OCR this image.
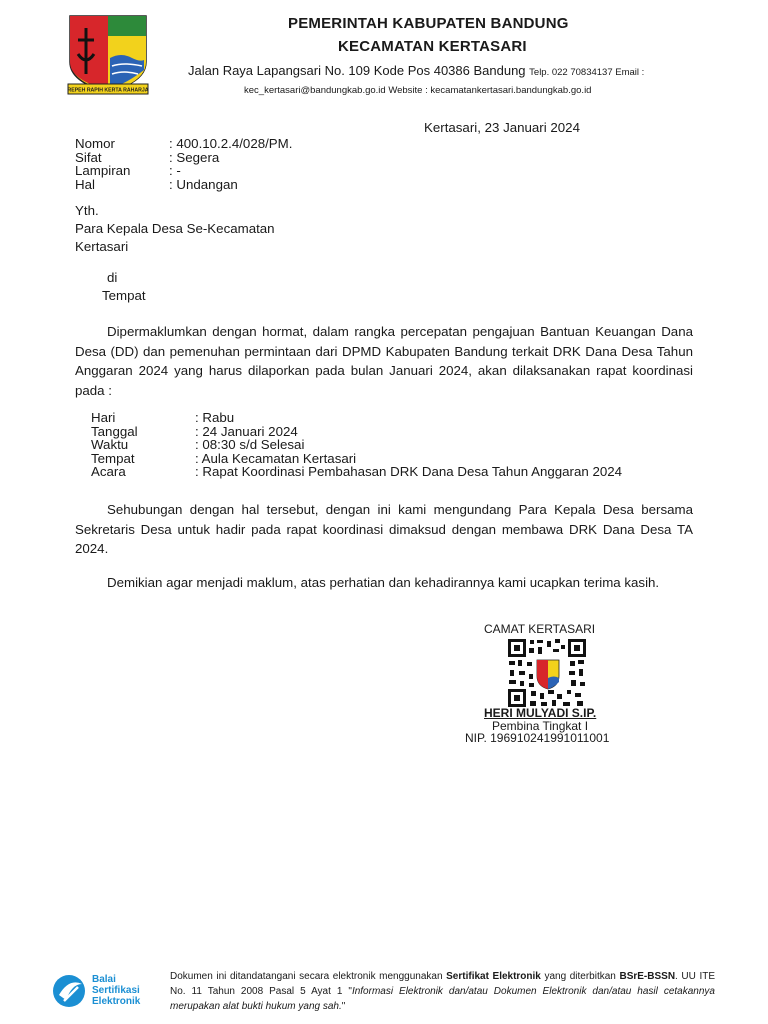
REPEH RAPIH KERTA RAHARJA
PEMERINTAH KABUPATEN BANDUNG
KECAMATAN KERTASARI
Jalan Raya Lapangsari No. 109 Kode Pos 40386 Bandung Telp. 022 70834137 Email :
kec_kertasari@bandungkab.go.id Website : kecamatankertasari.bandungkab.go.id
Kertasari, 23 Januari 2024
Nomor	: 400.10.2.4/028/PM.
Sifat	: Segera
Lampiran	: -
Hal	: Undangan
Yth.
Para Kepala Desa Se-Kecamatan
Kertasari
di
Tempat
Dipermaklumkan dengan hormat, dalam rangka percepatan pengajuan Bantuan Keuangan Dana Desa (DD) dan pemenuhan permintaan dari DPMD Kabupaten Bandung terkait DRK Dana Desa Tahun Anggaran 2024 yang harus dilaporkan pada bulan Januari 2024, akan dilaksanakan rapat koordinasi pada :
Hari	: Rabu
Tanggal	: 24 Januari 2024
Waktu	: 08:30 s/d Selesai
Tempat	: Aula Kecamatan Kertasari
Acara	: Rapat Koordinasi Pembahasan DRK Dana Desa Tahun Anggaran 2024
Sehubungan dengan hal tersebut, dengan ini kami mengundang Para Kepala Desa bersama Sekretaris Desa untuk hadir pada rapat koordinasi dimaksud dengan membawa DRK Dana Desa TA 2024.
Demikian agar menjadi maklum, atas perhatian dan kehadirannya kami ucapkan terima kasih.
CAMAT KERTASARI
HERI MULYADI S.IP.
Pembina Tingkat I
NIP. 196910241991011001
Balai
Sertifikasi
Elektronik
Dokumen ini ditandatangani secara elektronik menggunakan Sertifikat Elektronik yang diterbitkan BSrE-BSSN. UU ITE No. 11 Tahun 2008 Pasal 5 Ayat 1 "Informasi Elektronik dan/atau Dokumen Elektronik dan/atau hasil cetakannya merupakan alat bukti hukum yang sah."
